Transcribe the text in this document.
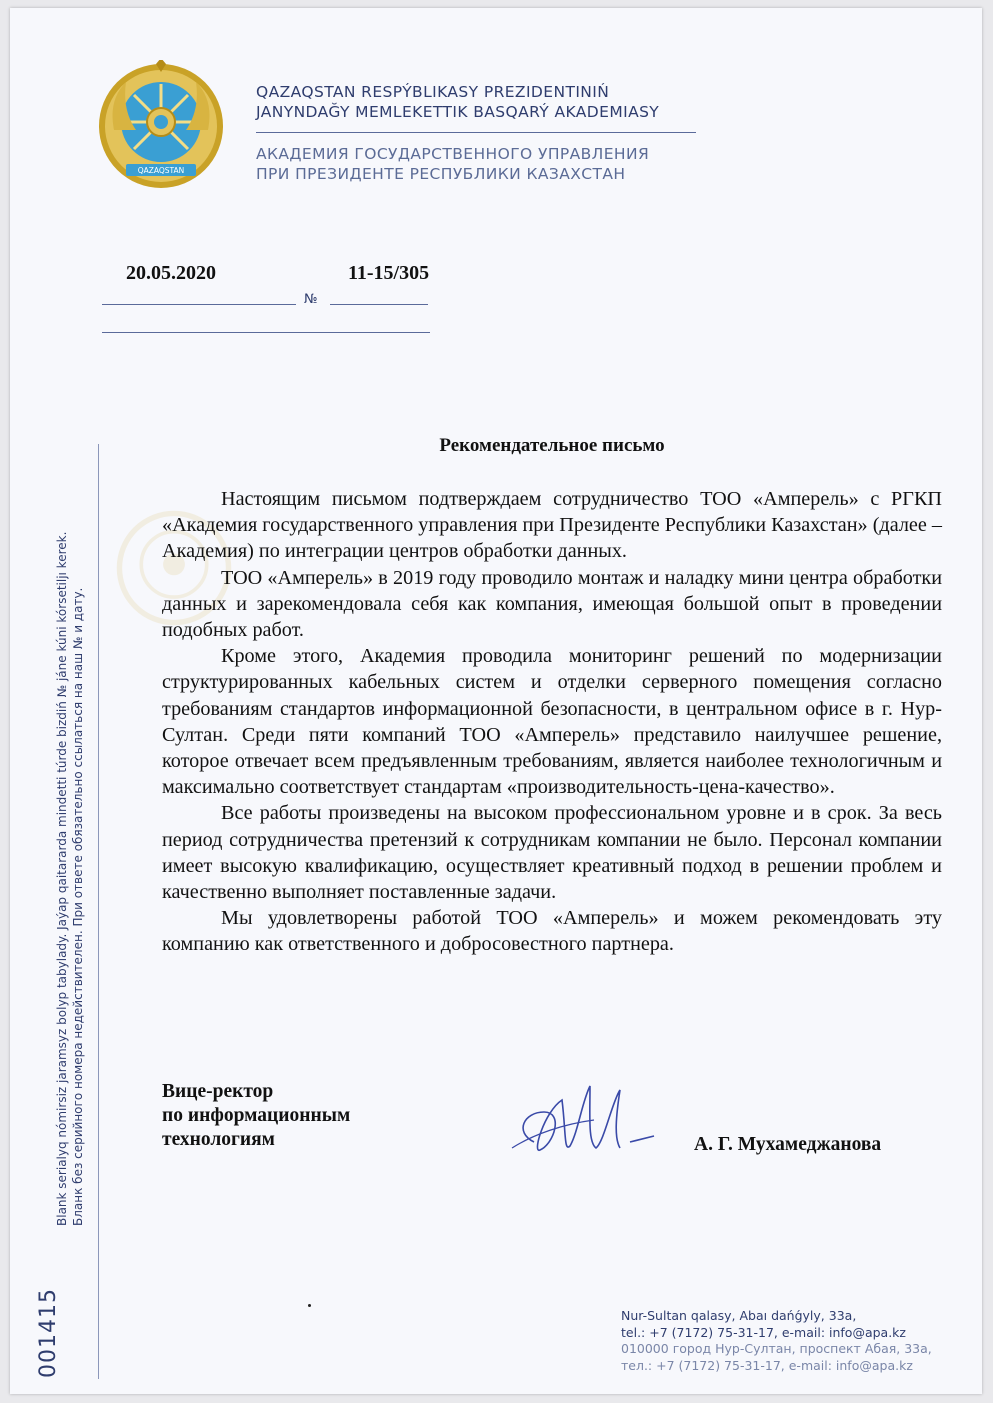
QAZAQSTAN
QAZAQSTAN RESPÝBLIKASY PREZIDENTINIŃ
JANYNDAĞY MEMLEKETTIK BASQARÝ AKADEMIASY
АКАДЕМИЯ ГОСУДАРСТВЕННОГО УПРАВЛЕНИЯ
ПРИ ПРЕЗИДЕНТЕ РЕСПУБЛИКИ КАЗАХСТАН
20.05.2020	11-15/305
№
Blank serialyq nómirsiz jaramsyz bolyp tabylady. Jaýap qaitararda mindetti túrde bizdiń № jáne kúni kórsetiljı kerek. Бланк без серийного номера недействителен. При ответе обязательно ссылаться на наш № и дату.
001415
Рекомендательное письмо

Настоящим письмом подтверждаем сотрудничество ТОО «Амперель» с РГКП «Академия государственного управления при Президенте Республики Казахстан» (далее – Академия) по интеграции центров обработки данных.

ТОО «Амперель» в 2019 году проводило монтаж и наладку мини центра обработки данных и зарекомендовала себя как компания, имеющая большой опыт в проведении подобных работ.

Кроме этого, Академия проводила мониторинг решений по модернизации структурированных кабельных систем и отделки серверного помещения согласно требованиям стандартов информационной безопасности, в центральном офисе в г. Нур-Султан. Среди пяти компаний ТОО «Амперель» представило наилучшее решение, которое отвечает всем предъявленным требованиям, является наиболее технологичным и максимально соответствует стандартам «производительность-цена-качество».

Все работы произведены на высоком профессиональном уровне и в срок. За весь период сотрудничества претензий к сотрудникам компании не было. Персонал компании имеет высокую квалификацию, осуществляет креативный подход в решении проблем и качественно выполняет поставленные задачи.

Мы удовлетворены работой ТОО «Амперель» и можем рекомендовать эту компанию как ответственного и добросовестного партнера.

Вице-ректор
по информационным
технологиям	А. Г. Мухамеджанова
Nur-Sultan qalasy, Abaı dańǵyly, 33a,
tel.: +7 (7172) 75-31-17, e-mail: info@apa.kz
010000 город Нур-Султан, проспект Абая, 33а,
тел.: +7 (7172) 75-31-17, e-mail: info@apa.kz
